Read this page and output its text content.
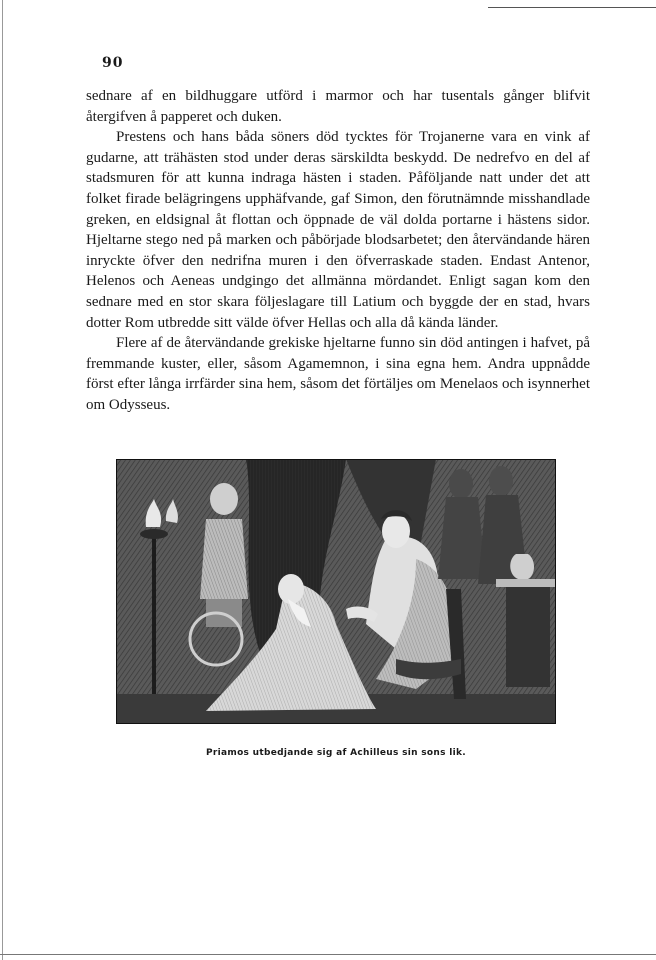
90

sednare af en bildhuggare utförd i marmor och har tusentals gånger blifvit återgifven å papperet och duken.

Prestens och hans båda söners död tycktes för Trojanerne vara en vink af gudarne, att trähästen stod under deras särskildta beskydd. De nedrefvo en del af stadsmuren för att kunna indraga hästen i staden. Påföljande natt under det att folket firade belägringens upphäfvande, gaf Simon, den förutnämnde misshandlade greken, en eldsignal åt flottan och öppnade de väl dolda portarne i hästens sidor. Hjeltarne stego ned på marken och påbörjade blodsarbetet; den återvändande hären inryckte öfver den nedrifna muren i den öfverraskade staden. Endast Antenor, Helenos och Aeneas undgingo det allmänna mördandet. Enligt sagan kom den sednare med en stor skara följeslagare till Latium och byggde der en stad, hvars dotter Rom utbredde sitt välde öfver Hellas och alla då kända länder.

Flere af de återvändande grekiske hjeltarne funno sin död antingen i hafvet, på fremmande kuster, eller, såsom Agamemnon, i sina egna hem. Andra uppnådde först efter långa irrfärder sina hem, såsom det förtäljes om Menelaos och isynnerhet om Odysseus.

Priamos utbedjande sig af Achilleus sin sons lik.
